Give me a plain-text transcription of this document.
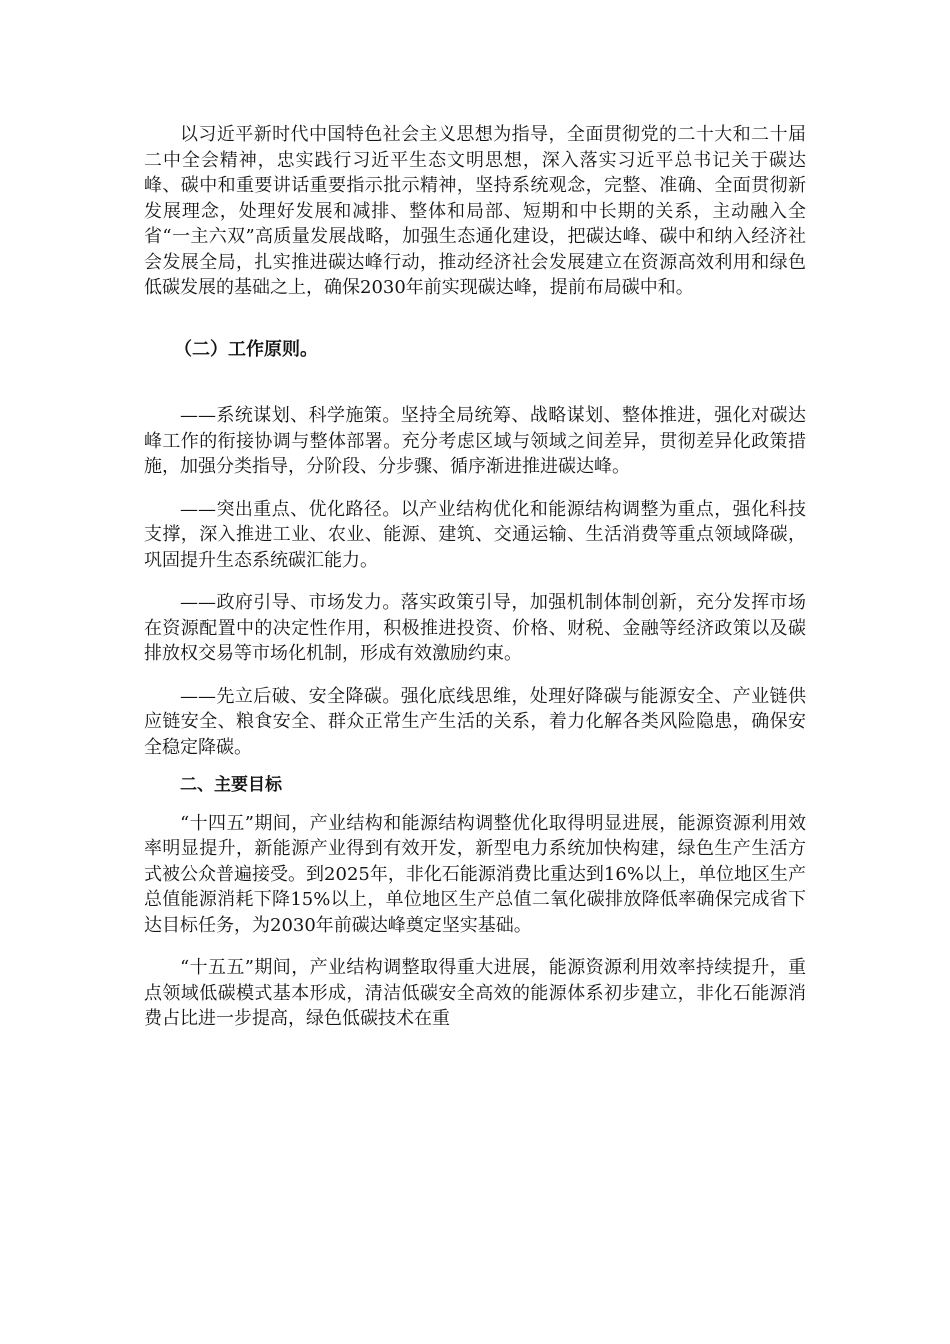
以习近平新时代中国特色社会主义思想为指导，全面贯彻党的二十大和二十届二中全会精神，忠实践行习近平生态文明思想，深入落实习近平总书记关于碳达峰、碳中和重要讲话重要指示批示精神，坚持系统观念，完整、准确、全面贯彻新发展理念，处理好发展和减排、整体和局部、短期和中长期的关系，主动融入全省“一主六双”高质量发展战略，加强生态通化建设，把碳达峰、碳中和纳入经济社会发展全局，扎实推进碳达峰行动，推动经济社会发展建立在资源高效利用和绿色低碳发展的基础之上，确保2030年前实现碳达峰，提前布局碳中和。

（二）工作原则。

——系统谋划、科学施策。坚持全局统筹、战略谋划、整体推进，强化对碳达峰工作的衔接协调与整体部署。充分考虑区域与领域之间差异，贯彻差异化政策措施，加强分类指导，分阶段、分步骤、循序渐进推进碳达峰。

——突出重点、优化路径。以产业结构优化和能源结构调整为重点，强化科技支撑，深入推进工业、农业、能源、建筑、交通运输、生活消费等重点领域降碳，巩固提升生态系统碳汇能力。

——政府引导、市场发力。落实政策引导，加强机制体制创新，充分发挥市场在资源配置中的决定性作用，积极推进投资、价格、财税、金融等经济政策以及碳排放权交易等市场化机制，形成有效激励约束。

——先立后破、安全降碳。强化底线思维，处理好降碳与能源安全、产业链供应链安全、粮食安全、群众正常生产生活的关系，着力化解各类风险隐患，确保安全稳定降碳。

二、主要目标

“十四五”期间，产业结构和能源结构调整优化取得明显进展，能源资源利用效率明显提升，新能源产业得到有效开发，新型电力系统加快构建，绿色生产生活方式被公众普遍接受。到2025年，非化石能源消费比重达到16%以上，单位地区生产总值能源消耗下降15%以上，单位地区生产总值二氧化碳排放降低率确保完成省下达目标任务，为2030年前碳达峰奠定坚实基础。

“十五五”期间，产业结构调整取得重大进展，能源资源利用效率持续提升，重点领域低碳模式基本形成，清洁低碳安全高效的能源体系初步建立，非化石能源消费占比进一步提高，绿色低碳技术在重
